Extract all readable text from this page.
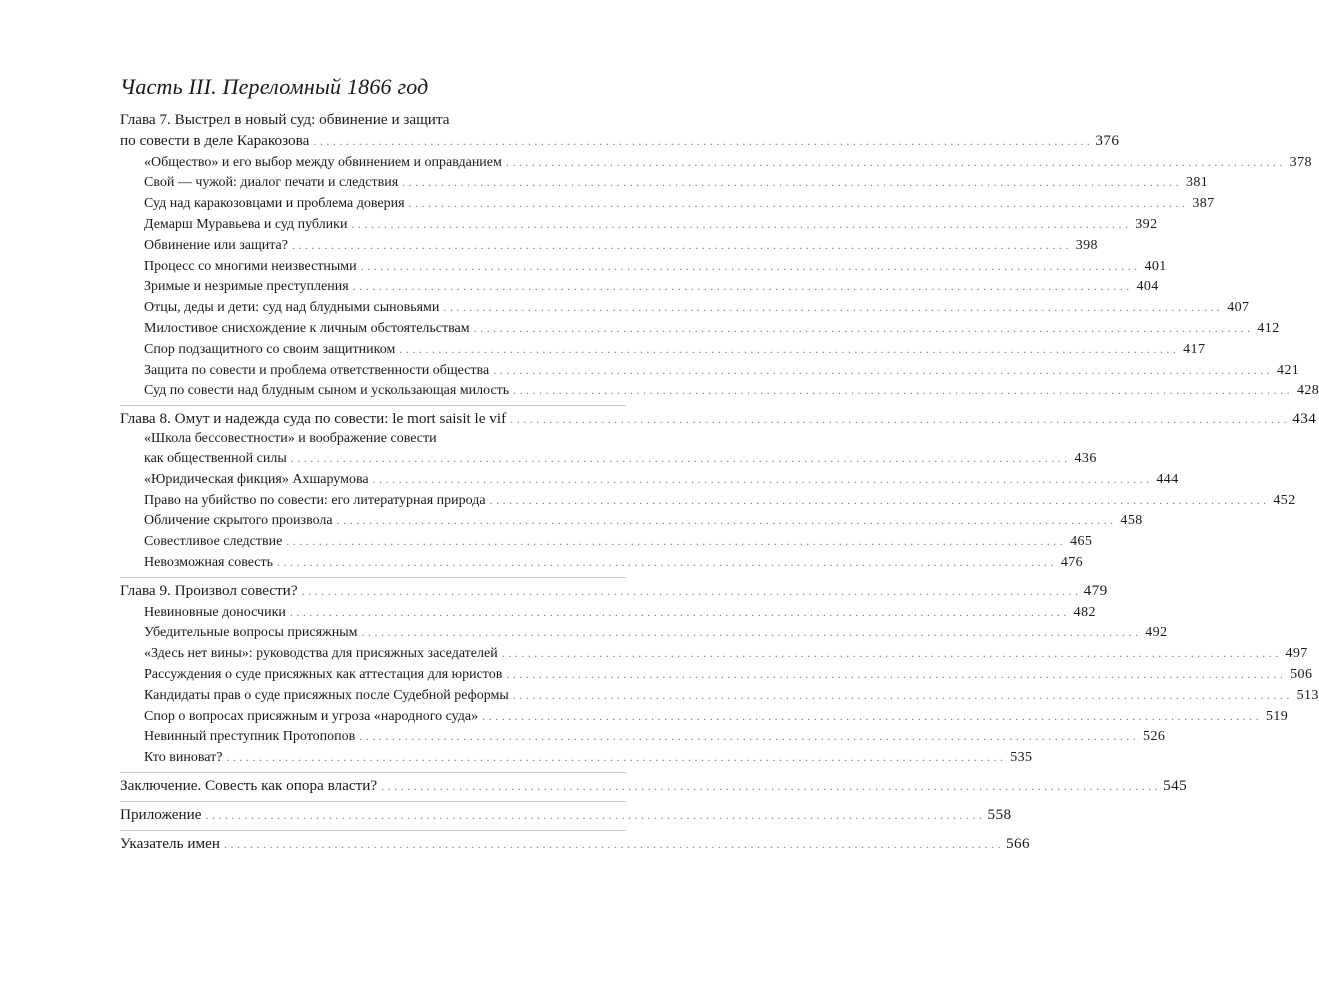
Часть III. Переломный 1866 год
Глава 7. Выстрел в новый суд: обвинение и защита
по совести в деле Каракозова ........................................................................................................................ 376
«Общество» и его выбор между обвинением и оправданием ........................................................................................................................ 378
Свой — чужой: диалог печати и следствия ........................................................................................................................ 381
Суд над каракозовцами и проблема доверия ........................................................................................................................ 387
Демарш Муравьева и суд публики ........................................................................................................................ 392
Обвинение или защита? ........................................................................................................................ 398
Процесс со многими неизвестными ........................................................................................................................ 401
Зримые и незримые преступления ........................................................................................................................ 404
Отцы, деды и дети: суд над блудными сыновьями ........................................................................................................................ 407
Милостивое снисхождение к личным обстоятельствам ........................................................................................................................ 412
Спор подзащитного со своим защитником ........................................................................................................................ 417
Защита по совести и проблема ответственности общества ........................................................................................................................ 421
Суд по совести над блудным сыном и ускользающая милость ........................................................................................................................ 428
Глава 8. Омут и надежда суда по совести: le mort saisit le vif ........................................................................................................................ 434
«Школа бессовестности» и воображение совести
как общественной силы ........................................................................................................................ 436
«Юридическая фикция» Ахшарумова ........................................................................................................................ 444
Право на убийство по совести: его литературная природа ........................................................................................................................ 452
Обличение скрытого произвола ........................................................................................................................ 458
Совестливое следствие ........................................................................................................................ 465
Невозможная совесть ........................................................................................................................ 476
Глава 9. Произвол совести? ........................................................................................................................ 479
Невиновные доносчики ........................................................................................................................ 482
Убедительные вопросы присяжным ........................................................................................................................ 492
«Здесь нет вины»: руководства для присяжных заседателей ........................................................................................................................ 497
Рассуждения о суде присяжных как аттестация для юристов ........................................................................................................................ 506
Кандидаты прав о суде присяжных после Судебной реформы ........................................................................................................................ 513
Спор о вопросах присяжным и угроза «народного суда» ........................................................................................................................ 519
Невинный преступник Протопопов ........................................................................................................................ 526
Кто виноват? ........................................................................................................................ 535
Заключение. Совесть как опора власти? ........................................................................................................................ 545
Приложение ........................................................................................................................ 558
Указатель имен ........................................................................................................................ 566
